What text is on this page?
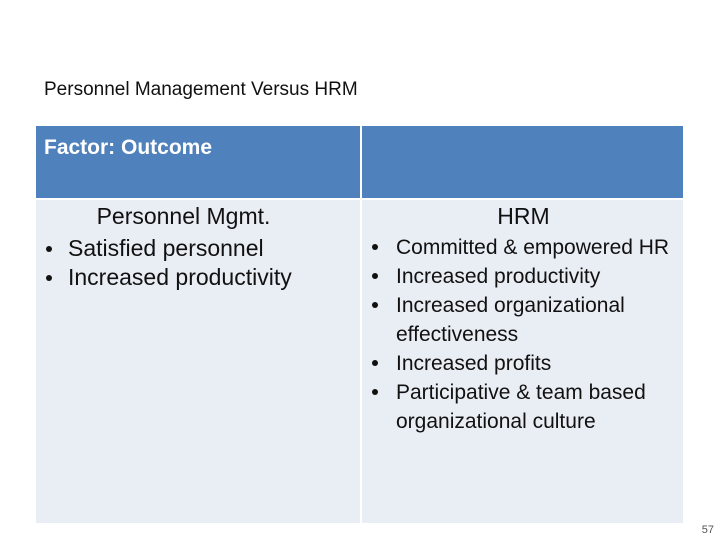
Personnel Management Versus HRM
Factor: Outcome
Personnel Mgmt.
Satisfied personnel
Increased productivity
HRM
Committed & empowered HR
Increased productivity
Increased organizational effectiveness
Increased profits
Participative & team based organizational culture
57
